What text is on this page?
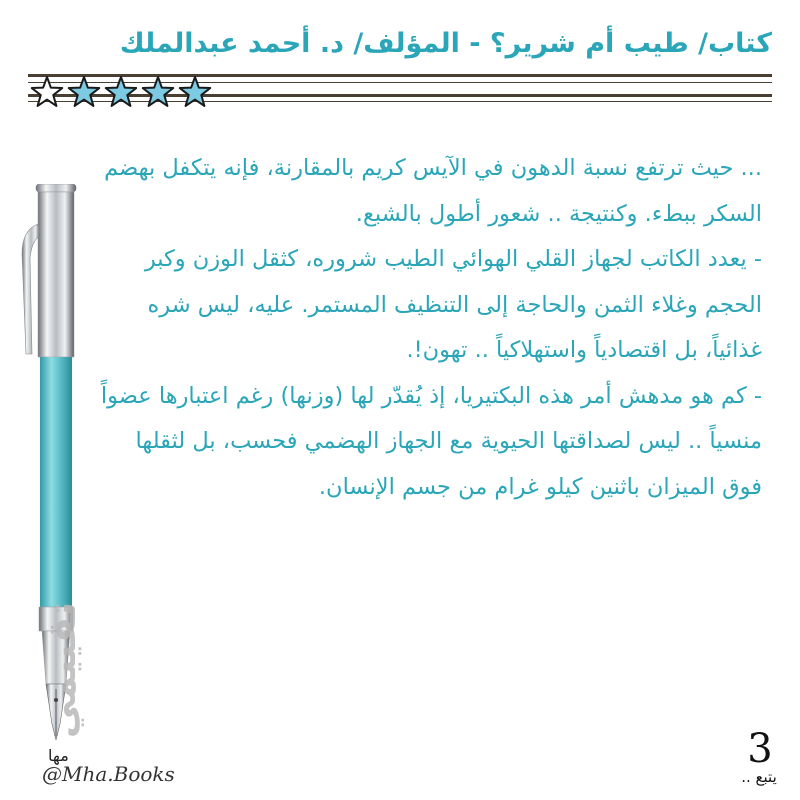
كتاب/ طيب أم شرير؟ - المؤلف/ د. أحمد عبدالملك
تقييمي

... حيث ترتفع نسبة الدهون في الآيس كريم بالمقارنة، فإنه يتكفل بهضم السكر ببطء. وكنتيجة .. شعور أطول بالشبع.

- يعدد الكاتب لجهاز القلي الهوائي الطيب شروره، كثقل الوزن وكبر الحجم وغلاء الثمن والحاجة إلى التنظيف المستمر. عليه، ليس شره غذائياً، بل اقتصادياً واستهلاكياً .. تهون!.

- كم هو مدهش أمر هذه البكتيريا، إذ يُقدّر لها (وزنها) رغم اعتبارها عضواً منسياً .. ليس لصداقتها الحيوية مع الجهاز الهضمي فحسب، بل لثقلها فوق الميزان باثنين كيلو غرام من جسم الإنسان.

3
يتبع ..
مها
@Mha.Books
